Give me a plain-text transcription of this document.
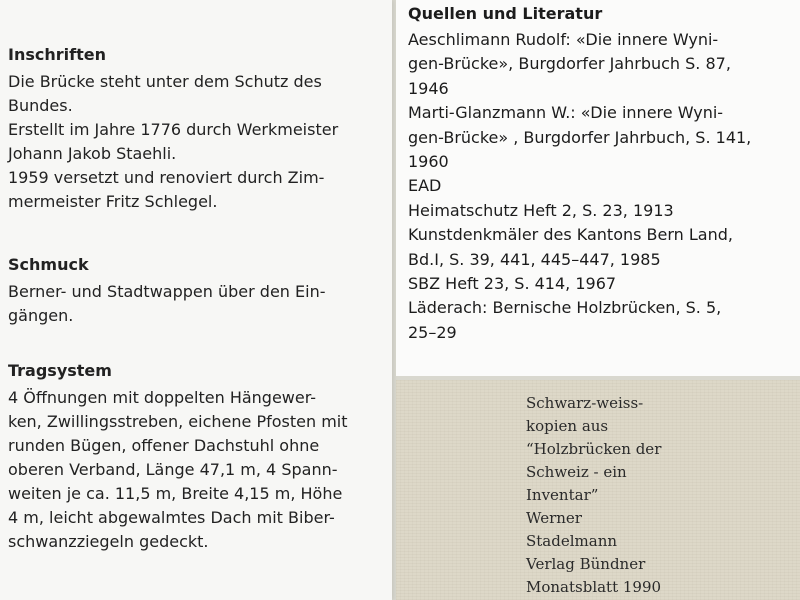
Inschriften

Die Brücke steht unter dem Schutz des
Bundes.
Erstellt im Jahre 1776 durch Werkmeister
Johann Jakob Staehli.
1959 versetzt und renoviert durch Zim-
mermeister Fritz Schlegel.

Schmuck

Berner- und Stadtwappen über den Ein-
gängen.

Tragsystem

4 Öffnungen mit doppelten Hängewer-
ken, Zwillingsstreben, eichene Pfosten mit
runden Bügen, offener Dachstuhl ohne
oberen Verband, Länge 47,1 m, 4 Spann-
weiten je ca. 11,5 m, Breite 4,15 m, Höhe
4 m, leicht abgewalmtes Dach mit Biber-
schwanzziegeln gedeckt.

Quellen und Literatur
Aeschlimann Rudolf: «Die innere Wyni-
gen-Brücke», Burgdorfer Jahrbuch S. 87,
1946
Marti-Glanzmann W.: «Die innere Wyni-
gen-Brücke» , Burgdorfer Jahrbuch, S. 141,
1960
EAD
Heimatschutz Heft 2, S. 23, 1913
Kunstdenkmäler des Kantons Bern Land,
Bd.I, S. 39, 441, 445–447, 1985
SBZ Heft 23, S. 414, 1967
Läderach: Bernische Holzbrücken, S. 5,
25–29
Schwarz-weiss-
kopien aus
“Holzbrücken der
Schweiz - ein
Inventar”
Werner
Stadelmann
Verlag Bündner
Monatsblatt 1990
